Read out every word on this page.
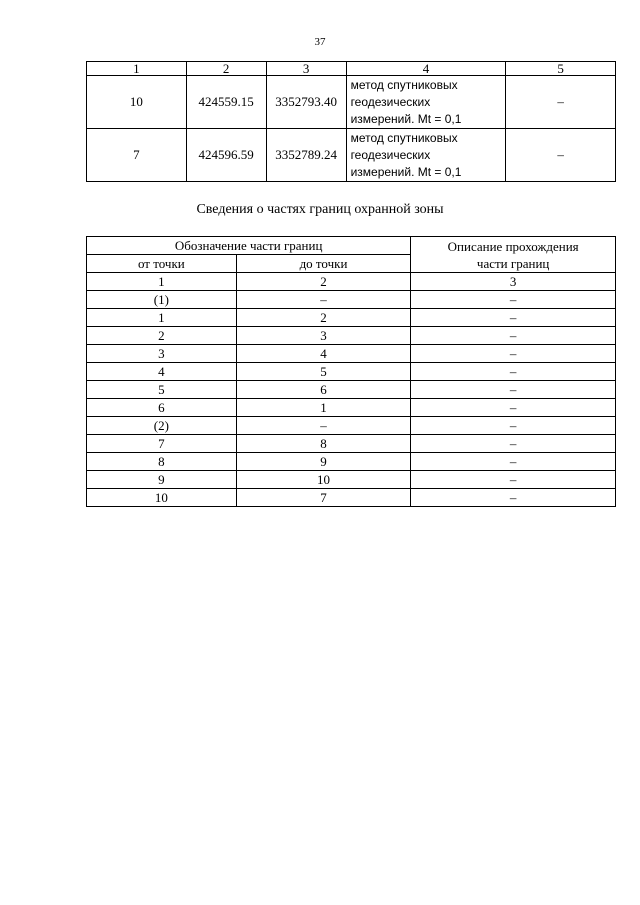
37
1	2	3	4	5
10	424559.15	3352793.40	метод спутниковых
геодезических
измерений. Mt = 0,1	–
7	424596.59	3352789.24	метод спутниковых
геодезических
измерений. Mt = 0,1	–
Сведения о частях границ охранной зоны
Обозначение части границ		Описание прохождения
части границ

от точки	до точки	
1	2	3
(1)	–	–
1	2	–
2	3	–
3	4	–
4	5	–
5	6	–
6	1	–
(2)	–	–
7	8	–
8	9	–
9	10	–
10	7	–
